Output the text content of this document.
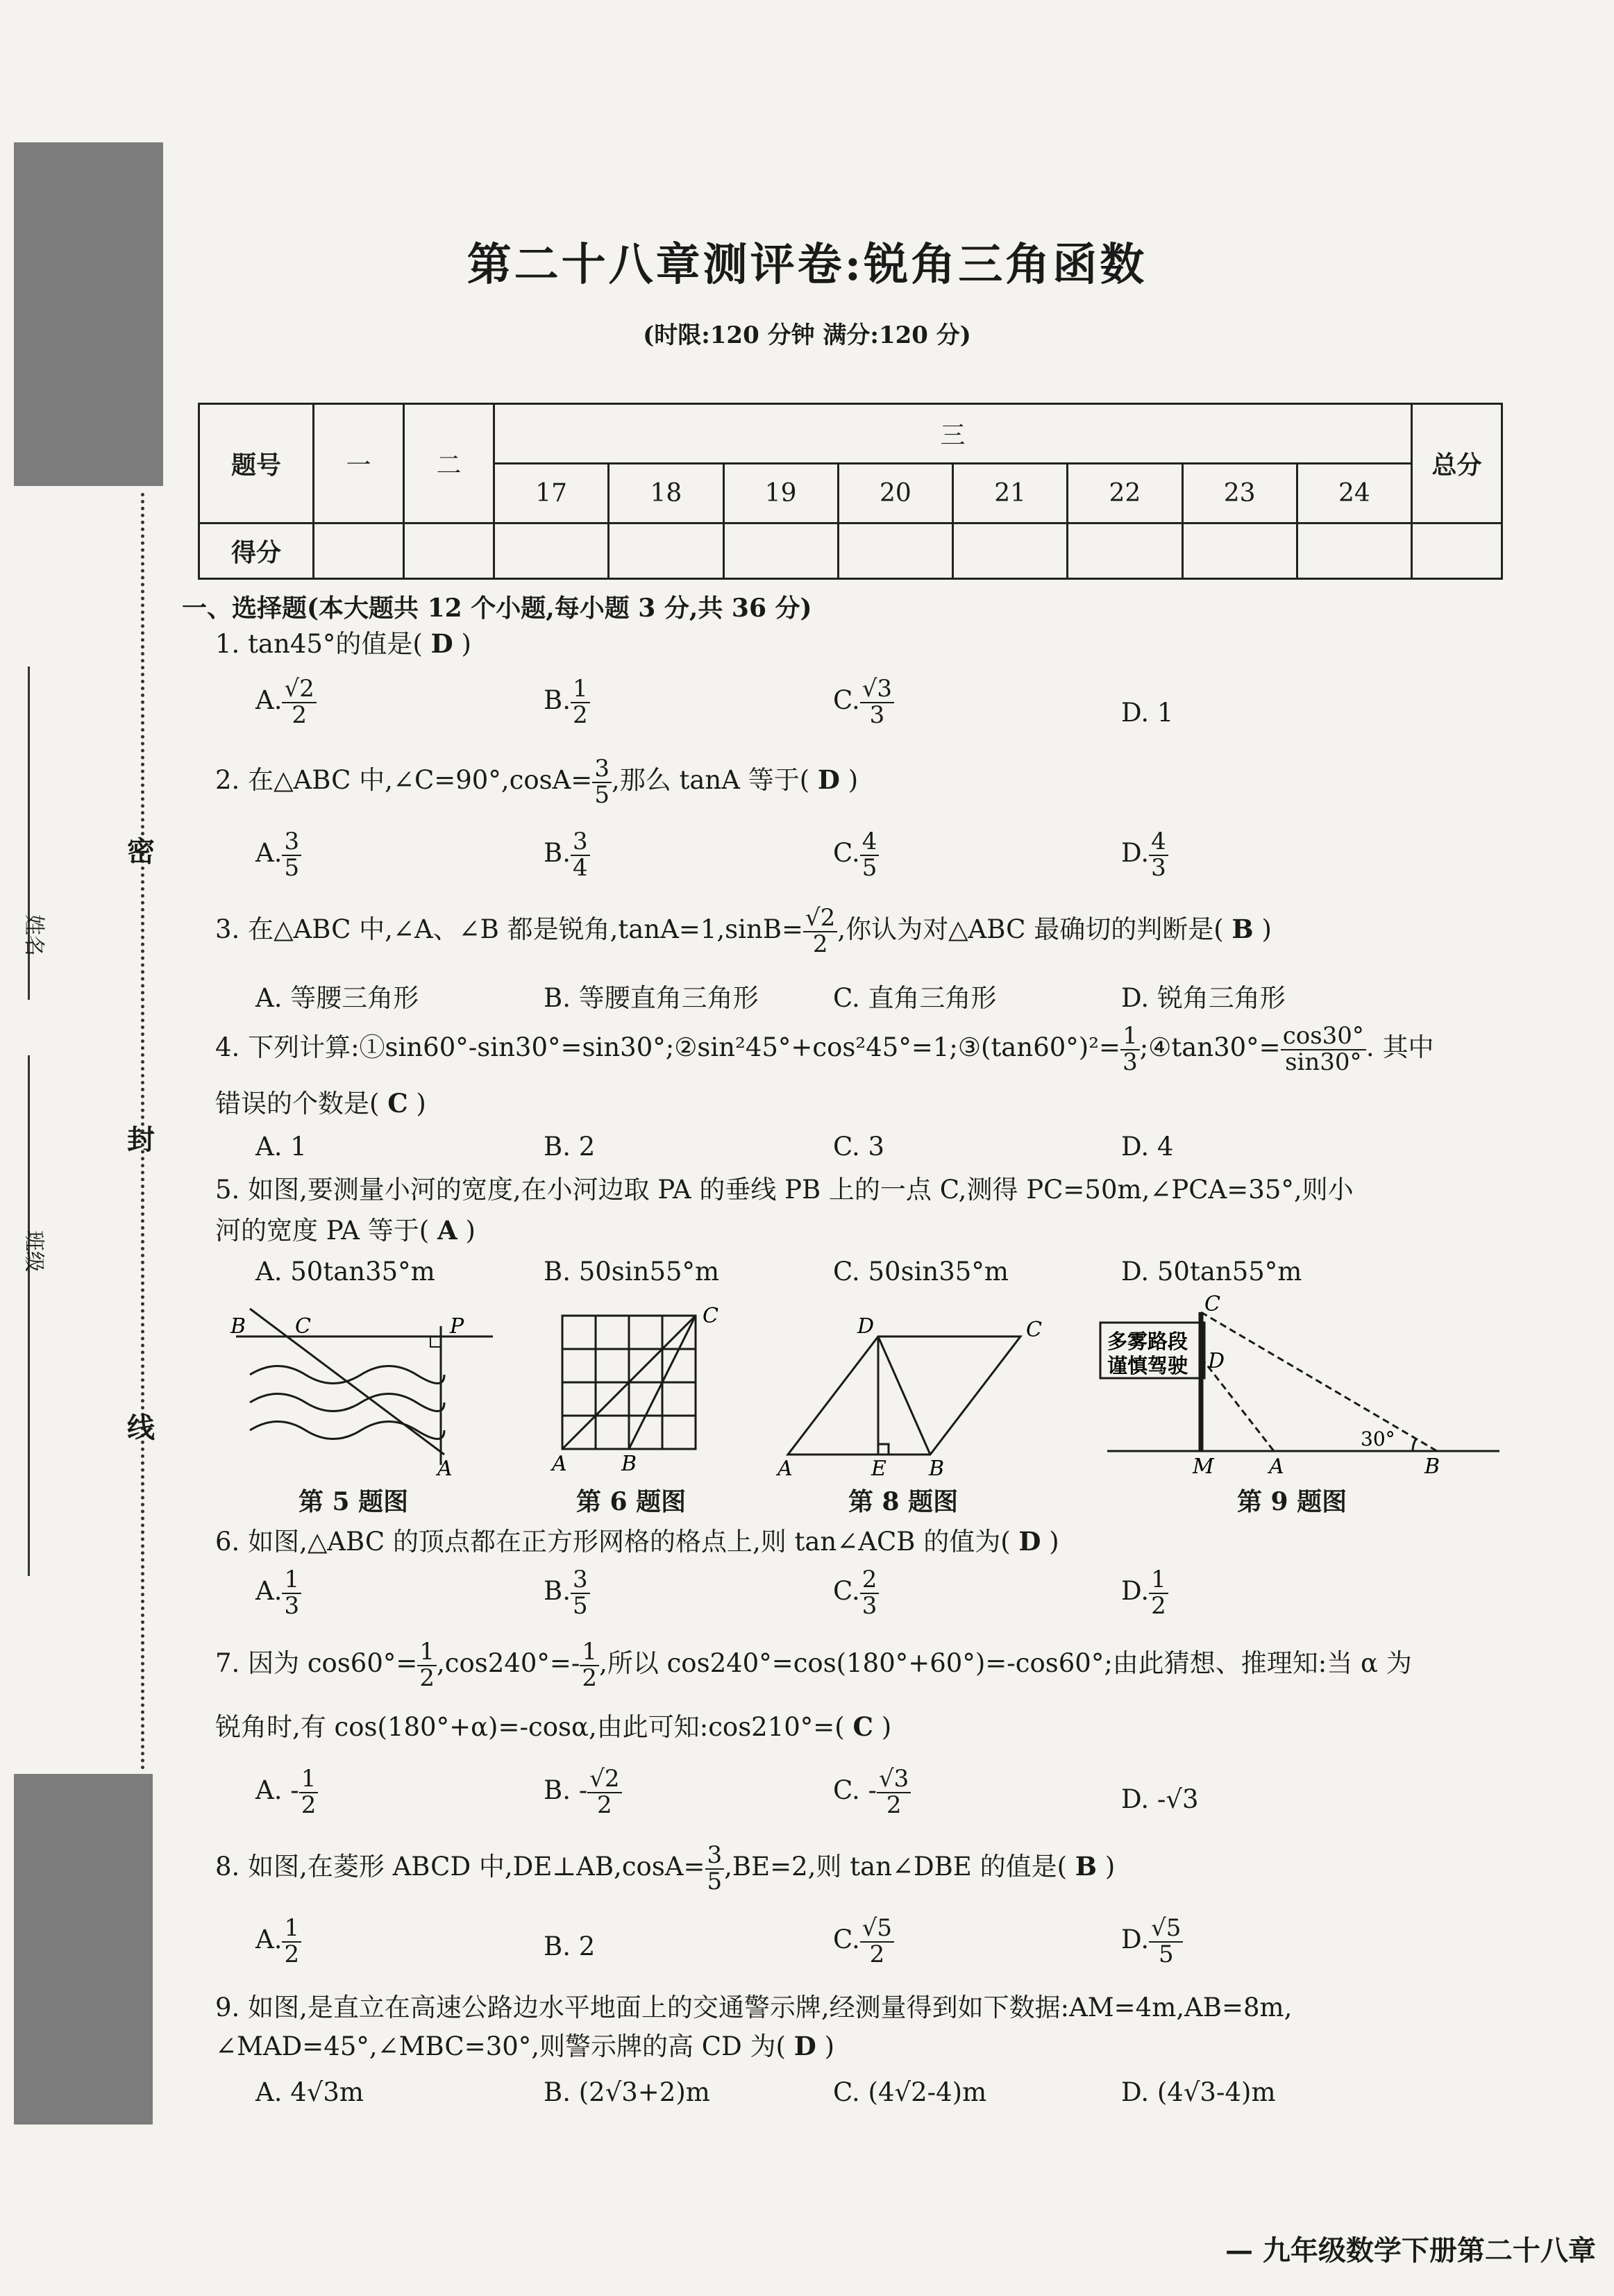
姓名
班级
密
封
线
第二十八章测评卷:锐角三角函数
(时限:120 分钟 满分:120 分)
题号	一	二	三								总分
			17	18	19	20	21	22	23	24	
得分											
一、选择题(本大题共 12 个小题,每小题 3 分,共 36 分)
1. tan45°的值是( D )
A. $\frac{√2}{2}$	B. $\frac{1}{2}$	C. $\frac{√3}{3}$	D. 1
2. 在△ABC 中,∠C=90°,cosA= $\frac{3}{5}$ ,那么 tanA 等于( D )
A. $\frac{3}{5}$	B. $\frac{3}{4}$	C. $\frac{4}{5}$	D. $\frac{4}{3}$
3. 在△ABC 中,∠A、∠B 都是锐角$,\tan A=1,\sin B= \frac{√2}{2}$ ,你认为对△ABC 最确切的判断是( B )
A. 等腰三角形	B. 等腰直角三角形	C. 直角三角形	D. 锐角三角形
4. 下列计算:①sin60°-sin30°=sin30°;②sin²45°+cos²45°=1;③(tan60°)²= $\frac{1}{3}$ ;④tan30°= $\frac{\cos 30^\circ}{\sin 30^\circ}$ . 其中
错误的个数是( C )
A. 1	B. 2	C. 3	D. 4
5. 如图,要测量小河的宽度,在小河边取 PA 的垂线 PB 上的一点 C,测得 PC=50m,∠PCA=35°,则小
河的宽度 PA 等于( A )
A. 50tan35°m	B. 50sin55°m	C. 50sin35°m	D. 50tan55°m
B C	P
A
第 5 题图
C
A	B
第 6 题图
D	C
A	E B
第 8 题图
多雾路段
谨慎驾驶
C
D
M	A	B
30°
第 9 题图
6. 如图,△ABC 的顶点都在正方形网格的格点上,则 tan∠ACB 的值为( D )
A. $\frac{1}{3}$	B. $\frac{3}{5}$	C. $\frac{2}{3}$	D. $\frac{1}{2}$
7. 因为 $\cos 60^\circ= \frac{1}{2} ,\cos 240^\circ=- \frac{1}{2}$ ,所以 cos240°=cos(180°+60°)=-cos60°;由此猜想、推理知:当 α 为
锐角时,有 cos(180°+α)=-cosα,由此可知:cos210°=( C )
A. - $\frac{1}{2}$	B. - $\frac{√2}{2}$	C. - $\frac{√3}{2}$	D. -√3
8. 如图,在菱形 ABCD 中,DE⊥AB,cosA= $\frac{3}{5} ,BE=2$,则 tan∠DBE 的值是( B )
A. $\frac{1}{2}$	B. 2	C. $\frac{√5}{2}$	D. $\frac{√5}{5}$
9. 如图,是直立在高速公路边水平地面上的交通警示牌,经测量得到如下数据:AM=4m,AB=8m,
∠MAD=45°,∠MBC=30°,则警示牌的高 CD 为( D )
A. 4√3m	B. (2√3+2)m	C. (4√2-4)m	D. (4√3-4)m
— 九年级数学下册第二十八章
